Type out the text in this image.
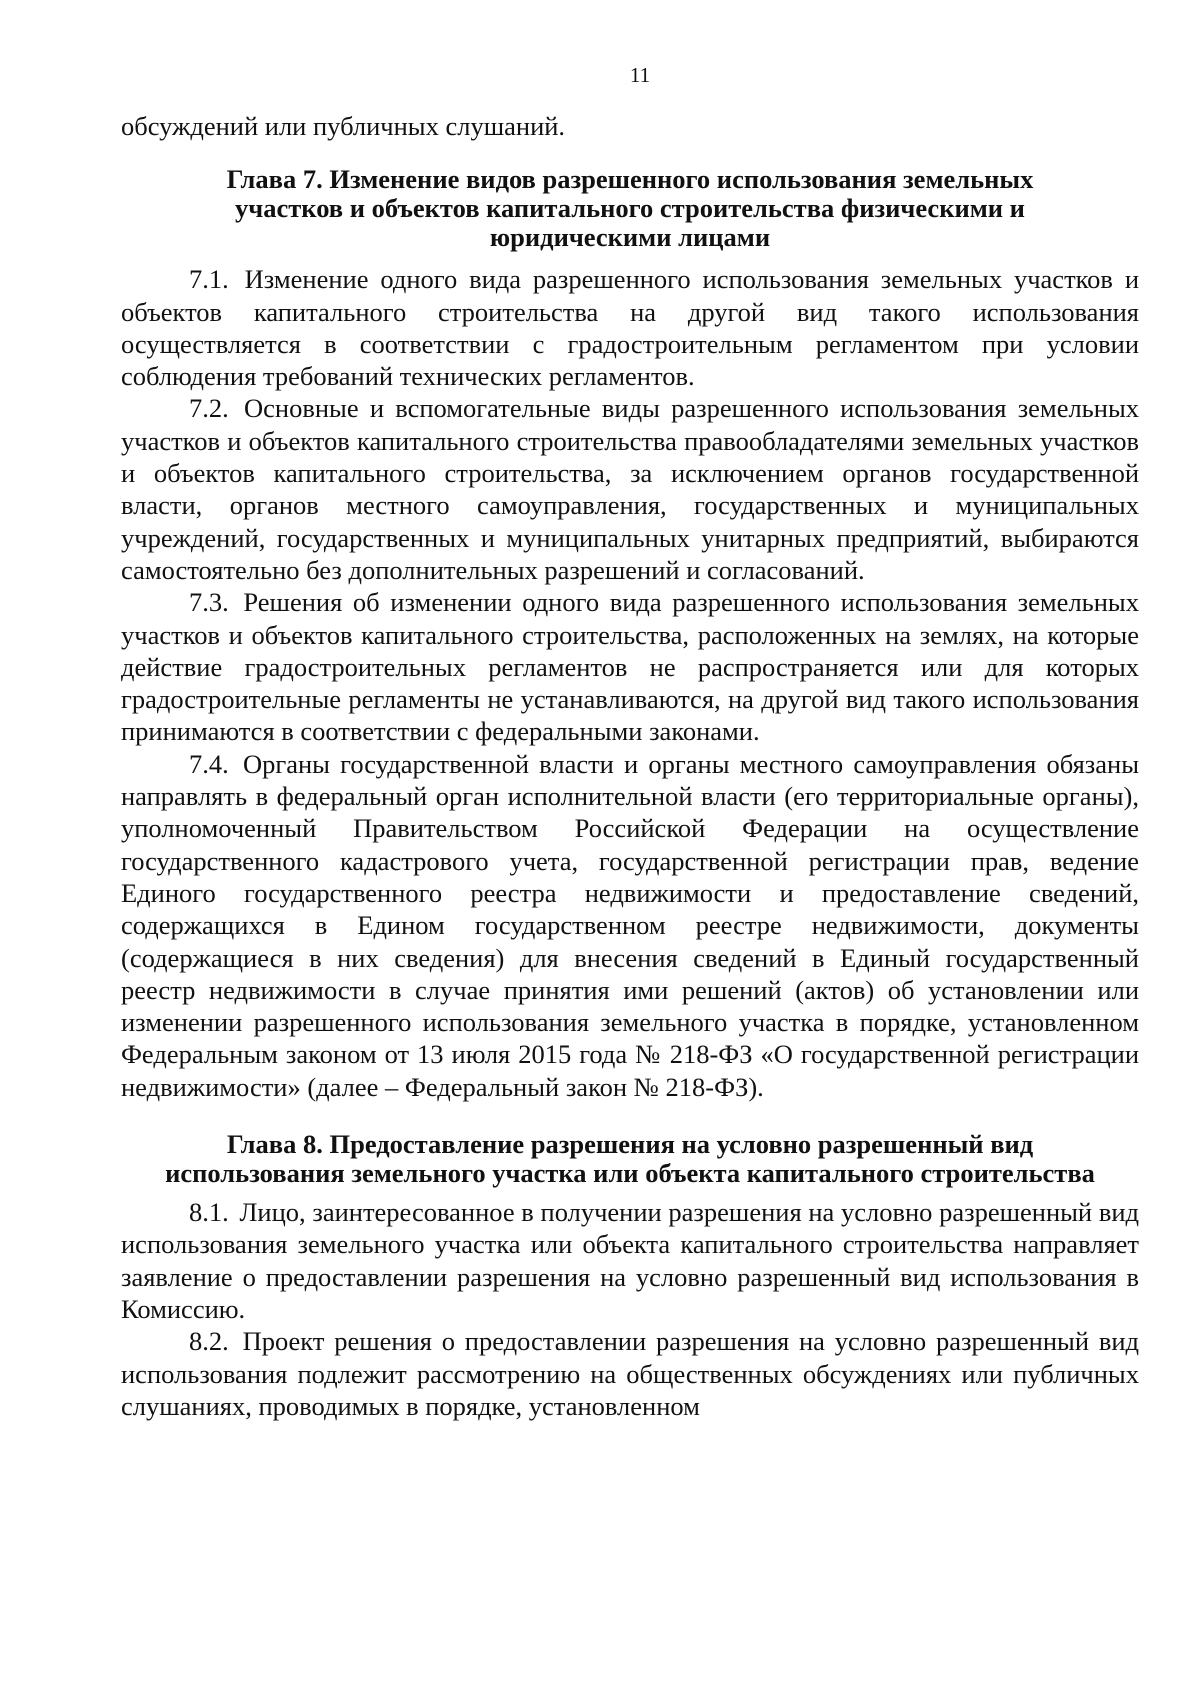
11

обсуждений или публичных слушаний.

Глава 7. Изменение видов разрешенного использования земельных
участков и объектов капитального строительства физическими и
юридическими лицами

7.1. Изменение одного вида разрешенного использования земельных участков и объектов капитального строительства на другой вид такого использования осуществляется в соответствии с градостроительным регламентом при условии соблюдения требований технических регламентов.

7.2. Основные и вспомогательные виды разрешенного использования земельных участков и объектов капитального строительства правообладателями земельных участков и объектов капитального строительства, за исключением органов государственной власти, органов местного самоуправления, государственных и муниципальных учреждений, государственных и муниципальных унитарных предприятий, выбираются самостоятельно без дополнительных разрешений и согласований.

7.3. Решения об изменении одного вида разрешенного использования земельных участков и объектов капитального строительства, расположенных на землях, на которые действие градостроительных регламентов не распространяется или для которых градостроительные регламенты не устанавливаются, на другой вид такого использования принимаются в соответствии с федеральными законами.

7.4. Органы государственной власти и органы местного самоуправления обязаны направлять в федеральный орган исполнительной власти (его территориальные органы), уполномоченный Правительством Российской Федерации на осуществление государственного кадастрового учета, государственной регистрации прав, ведение Единого государственного реестра недвижимости и предоставление сведений, содержащихся в Едином государственном реестре недвижимости, документы (содержащиеся в них сведения) для внесения сведений в Единый государственный реестр недвижимости в случае принятия ими решений (актов) об установлении или изменении разрешенного использования земельного участка в порядке, установленном Федеральным законом от 13 июля 2015 года № 218-ФЗ «О государственной регистрации недвижимости» (далее – Федеральный закон № 218-ФЗ).

Глава 8. Предоставление разрешения на условно разрешенный вид
использования земельного участка или объекта капитального строительства

8.1. Лицо, заинтересованное в получении разрешения на условно разрешенный вид использования земельного участка или объекта капитального строительства направляет заявление о предоставлении разрешения на условно разрешенный вид использования в Комиссию.

8.2. Проект решения о предоставлении разрешения на условно разрешенный вид использования подлежит рассмотрению на общественных обсуждениях или публичных слушаниях, проводимых в порядке, установленном
